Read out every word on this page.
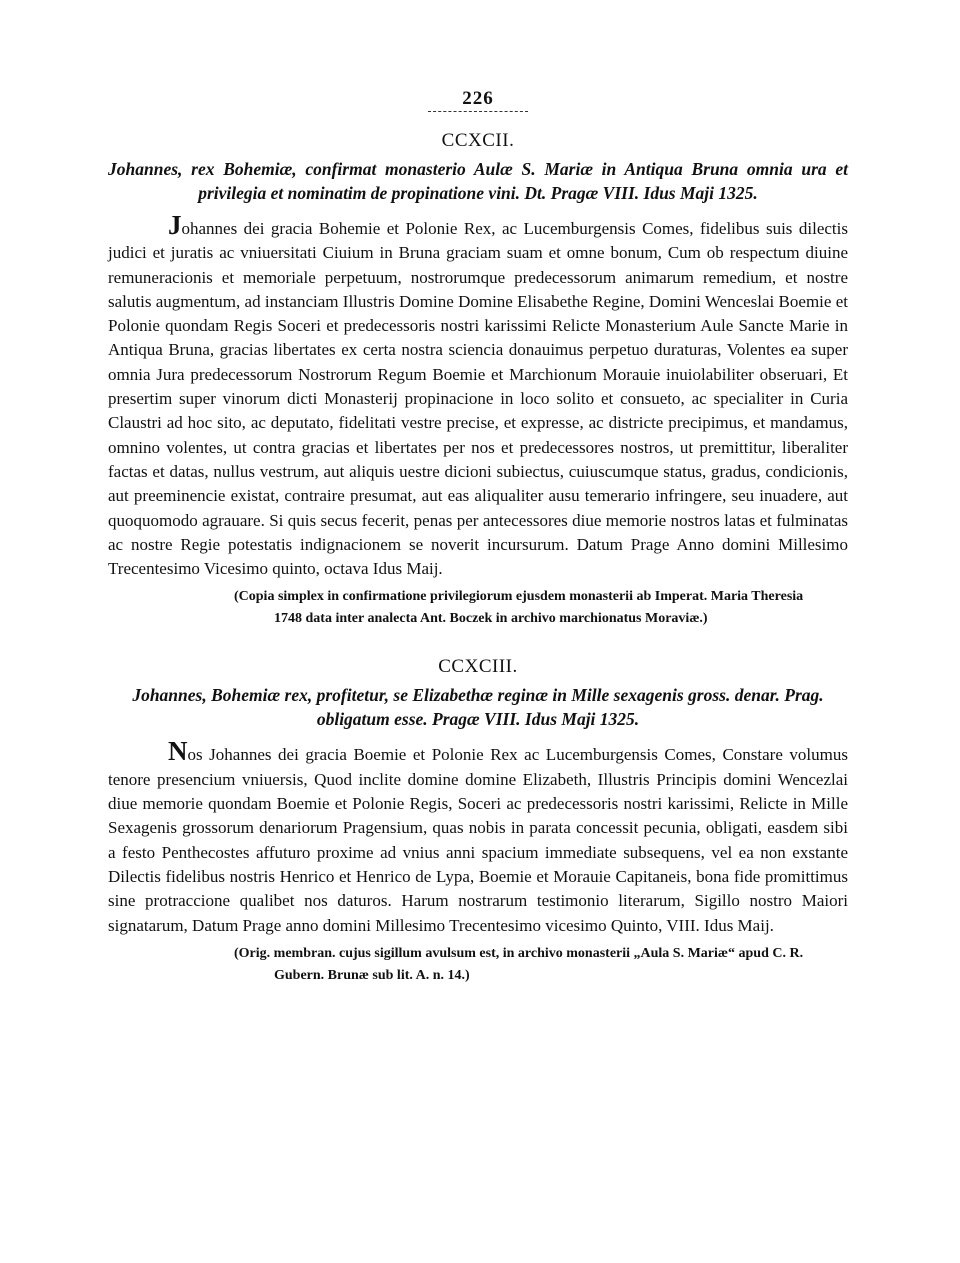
226
CCXCII.

Johannes, rex Bohemiæ, confirmat monasterio Aulæ S. Mariæ in Antiqua Bruna omnia ura et privilegia et nominatim de propinatione vini. Dt. Pragæ VIII. Idus Maji 1325.

Johannes dei gracia Bohemie et Polonie Rex, ac Lucemburgensis Comes, fidelibus suis dilectis judici et juratis ac vniuersitati Ciuium in Bruna graciam suam et omne bonum, Cum ob respectum diuine remuneracionis et memoriale perpetuum, nostrorumque predecessorum animarum remedium, et nostre salutis augmentum, ad instanciam Illustris Domine Domine Elisabethe Regine, Domini Wenceslai Boemie et Polonie quondam Regis Soceri et predecessoris nostri karissimi Relicte Monasterium Aule Sancte Marie in Antiqua Bruna, gracias libertates ex certa nostra sciencia donauimus perpetuo duraturas, Volentes ea super omnia Jura predecessorum Nostrorum Regum Boemie et Marchionum Morauie inuiolabiliter obseruari, Et presertim super vinorum dicti Monasterij propinacione in loco solito et consueto, ac specialiter in Curia Claustri ad hoc sito, ac deputato, fidelitati vestre precise, et expresse, ac districte precipimus, et mandamus, omnino volentes, ut contra gracias et libertates per nos et predecessores nostros, ut premittitur, liberaliter factas et datas, nullus vestrum, aut aliquis uestre dicioni subiectus, cuiuscumque status, gradus, condicionis, aut preeminencie existat, contraire presumat, aut eas aliqualiter ausu temerario infringere, seu inuadere, aut quoquomodo agrauare. Si quis secus fecerit, penas per antecessores diue memorie nostros latas et fulminatas ac nostre Regie potestatis indignacionem se noverit incursurum. Datum Prage Anno domini Millesimo Trecentesimo Vicesimo quinto, octava Idus Maij.

(Copia simplex in confirmatione privilegiorum ejusdem monasterii ab Imperat. Maria Theresia
1748 data inter analecta Ant. Boczek in archivo marchionatus Moraviæ.)
CCXCIII.

Johannes, Bohemiæ rex, profitetur, se Elizabethæ reginæ in Mille sexagenis gross. denar. Prag. obligatum esse. Pragæ VIII. Idus Maji 1325.

Nos Johannes dei gracia Boemie et Polonie Rex ac Lucemburgensis Comes, Constare volumus tenore presencium vniuersis, Quod inclite domine domine Elizabeth, Illustris Principis domini Wencezlai diue memorie quondam Boemie et Polonie Regis, Soceri ac predecessoris nostri karissimi, Relicte in Mille Sexagenis grossorum denariorum Pragensium, quas nobis in parata concessit pecunia, obligati, easdem sibi a festo Penthecostes affuturo proxime ad vnius anni spacium immediate subsequens, vel ea non exstante Dilectis fidelibus nostris Henrico et Henrico de Lypa, Boemie et Morauie Capitaneis, bona fide promittimus sine protraccione qualibet nos daturos. Harum nostrarum testimonio literarum, Sigillo nostro Maiori signatarum, Datum Prage anno domini Millesimo Trecentesimo vicesimo Quinto, VIII. Idus Maij.

(Orig. membran. cujus sigillum avulsum est, in archivo monasterii „Aula S. Mariæ“ apud C. R.
Gubern. Brunæ sub lit. A. n. 14.)
